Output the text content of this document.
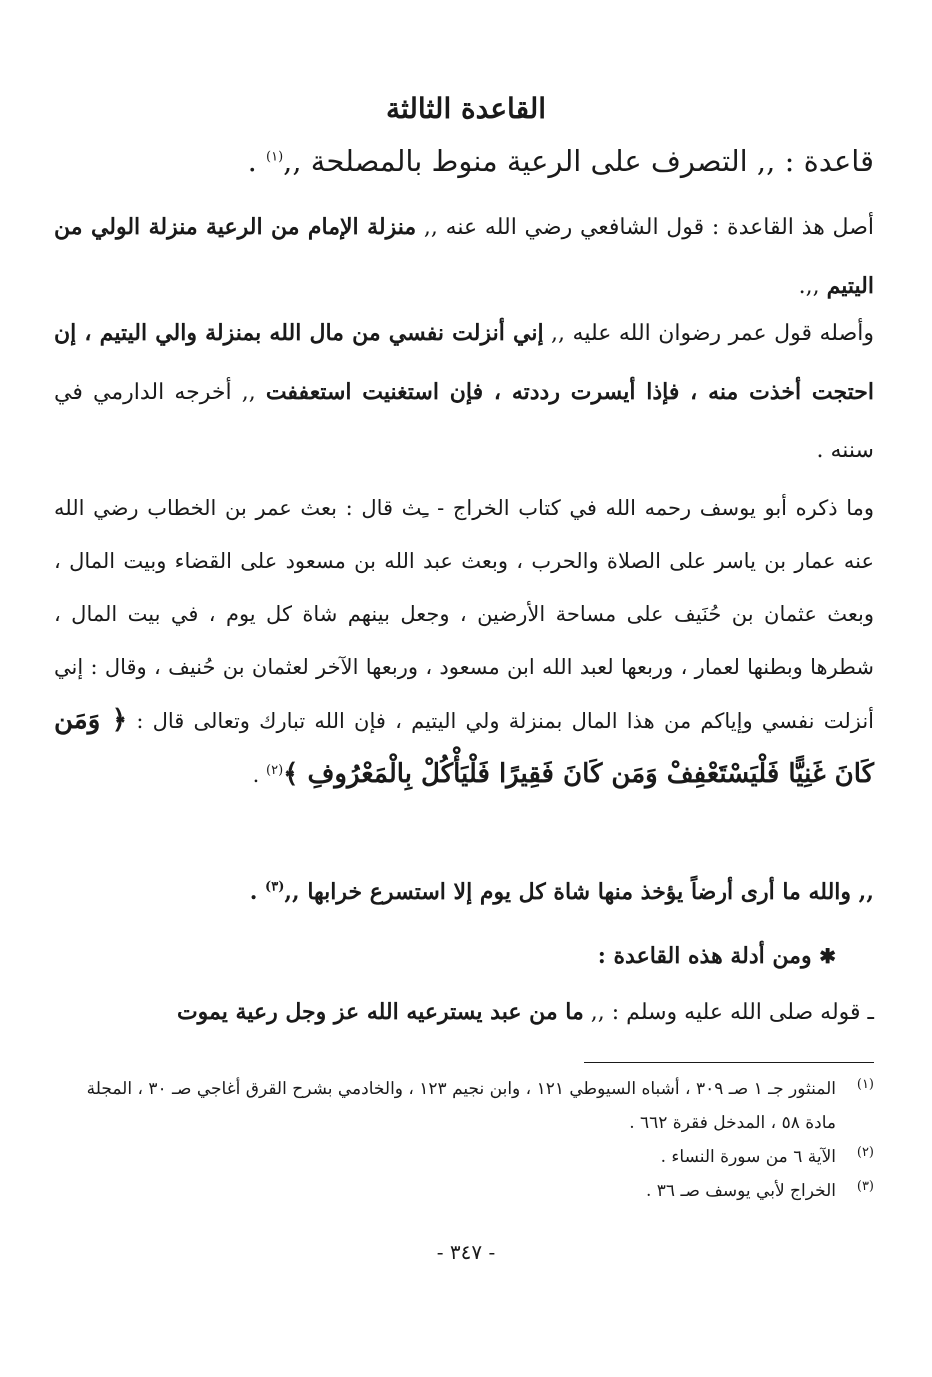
القاعدة الثالثة

قاعدة : ,, التصرف على الرعية منوط بالمصلحة ,,$^{(١)}$ .

أصل هذ القاعدة : قول الشافعي رضي الله عنه ,, منزلة الإمام من الرعية منزلة الولي من اليتيم ,,.

وأصله قول عمر رضوان الله عليه ,, إني أنزلت نفسي من مال الله بمنزلة والي اليتيم ، إن احتجت أخذت منه ، فإذا أيسرت رددته ، فإن استغنيت استعففت ,, أخرجه الدارمي في سننه .

وما ذكره أبو يوسف رحمه الله في كتاب الخراج - ـِث قال : بعث عمر بن الخطاب رضي الله عنه عمار بن ياسر على الصلاة والحرب ، وبعث عبد الله بن مسعود على القضاء وبيت المال ، وبعث عثمان بن حُنَيف على مساحة الأرضين ، وجعل بينهم شاة كل يوم ، في بيت المال ، شطرها وبطنها لعمار ، وربعها لعبد الله ابن مسعود ، وربعها الآخر لعثمان بن حُنيف ، وقال : إني أنزلت نفسي وإياكم من هذا المال بمنزلة ولي اليتيم ، فإن الله تبارك وتعالى قال : ﴿ وَمَن كَانَ غَنِيًّا فَلْيَسْتَعْفِفْ وَمَن كَانَ فَقِيرًا فَلْيَأْكُلْ بِالْمَعْرُوفِ ﴾$^{(٢)}$ .

,, والله ما أرى أرضاً يؤخذ منها شاة كل يوم إلا استسرع خرابها ,,$^{(٣)}$ .

✱ ومن أدلة هذه القاعدة :

ـ قوله صلى الله عليه وسلم : ,, ما من عبد يسترعيه الله عز وجل رعية يموت

(١)
المنثور جـ ١ صـ ٣٠٩ ، أشباه السيوطي ١٢١ ، وابن نجيم ١٢٣ ، والخادمي بشرح القرق أغاجي صـ ٣٠ ، المجلة مادة ٥٨ ، المدخل فقرة ٦٦٢ .
(٢)
الآية ٦ من سورة النساء .
(٣)
الخراج لأبي يوسف صـ ٣٦ .

- ٣٤٧ -
